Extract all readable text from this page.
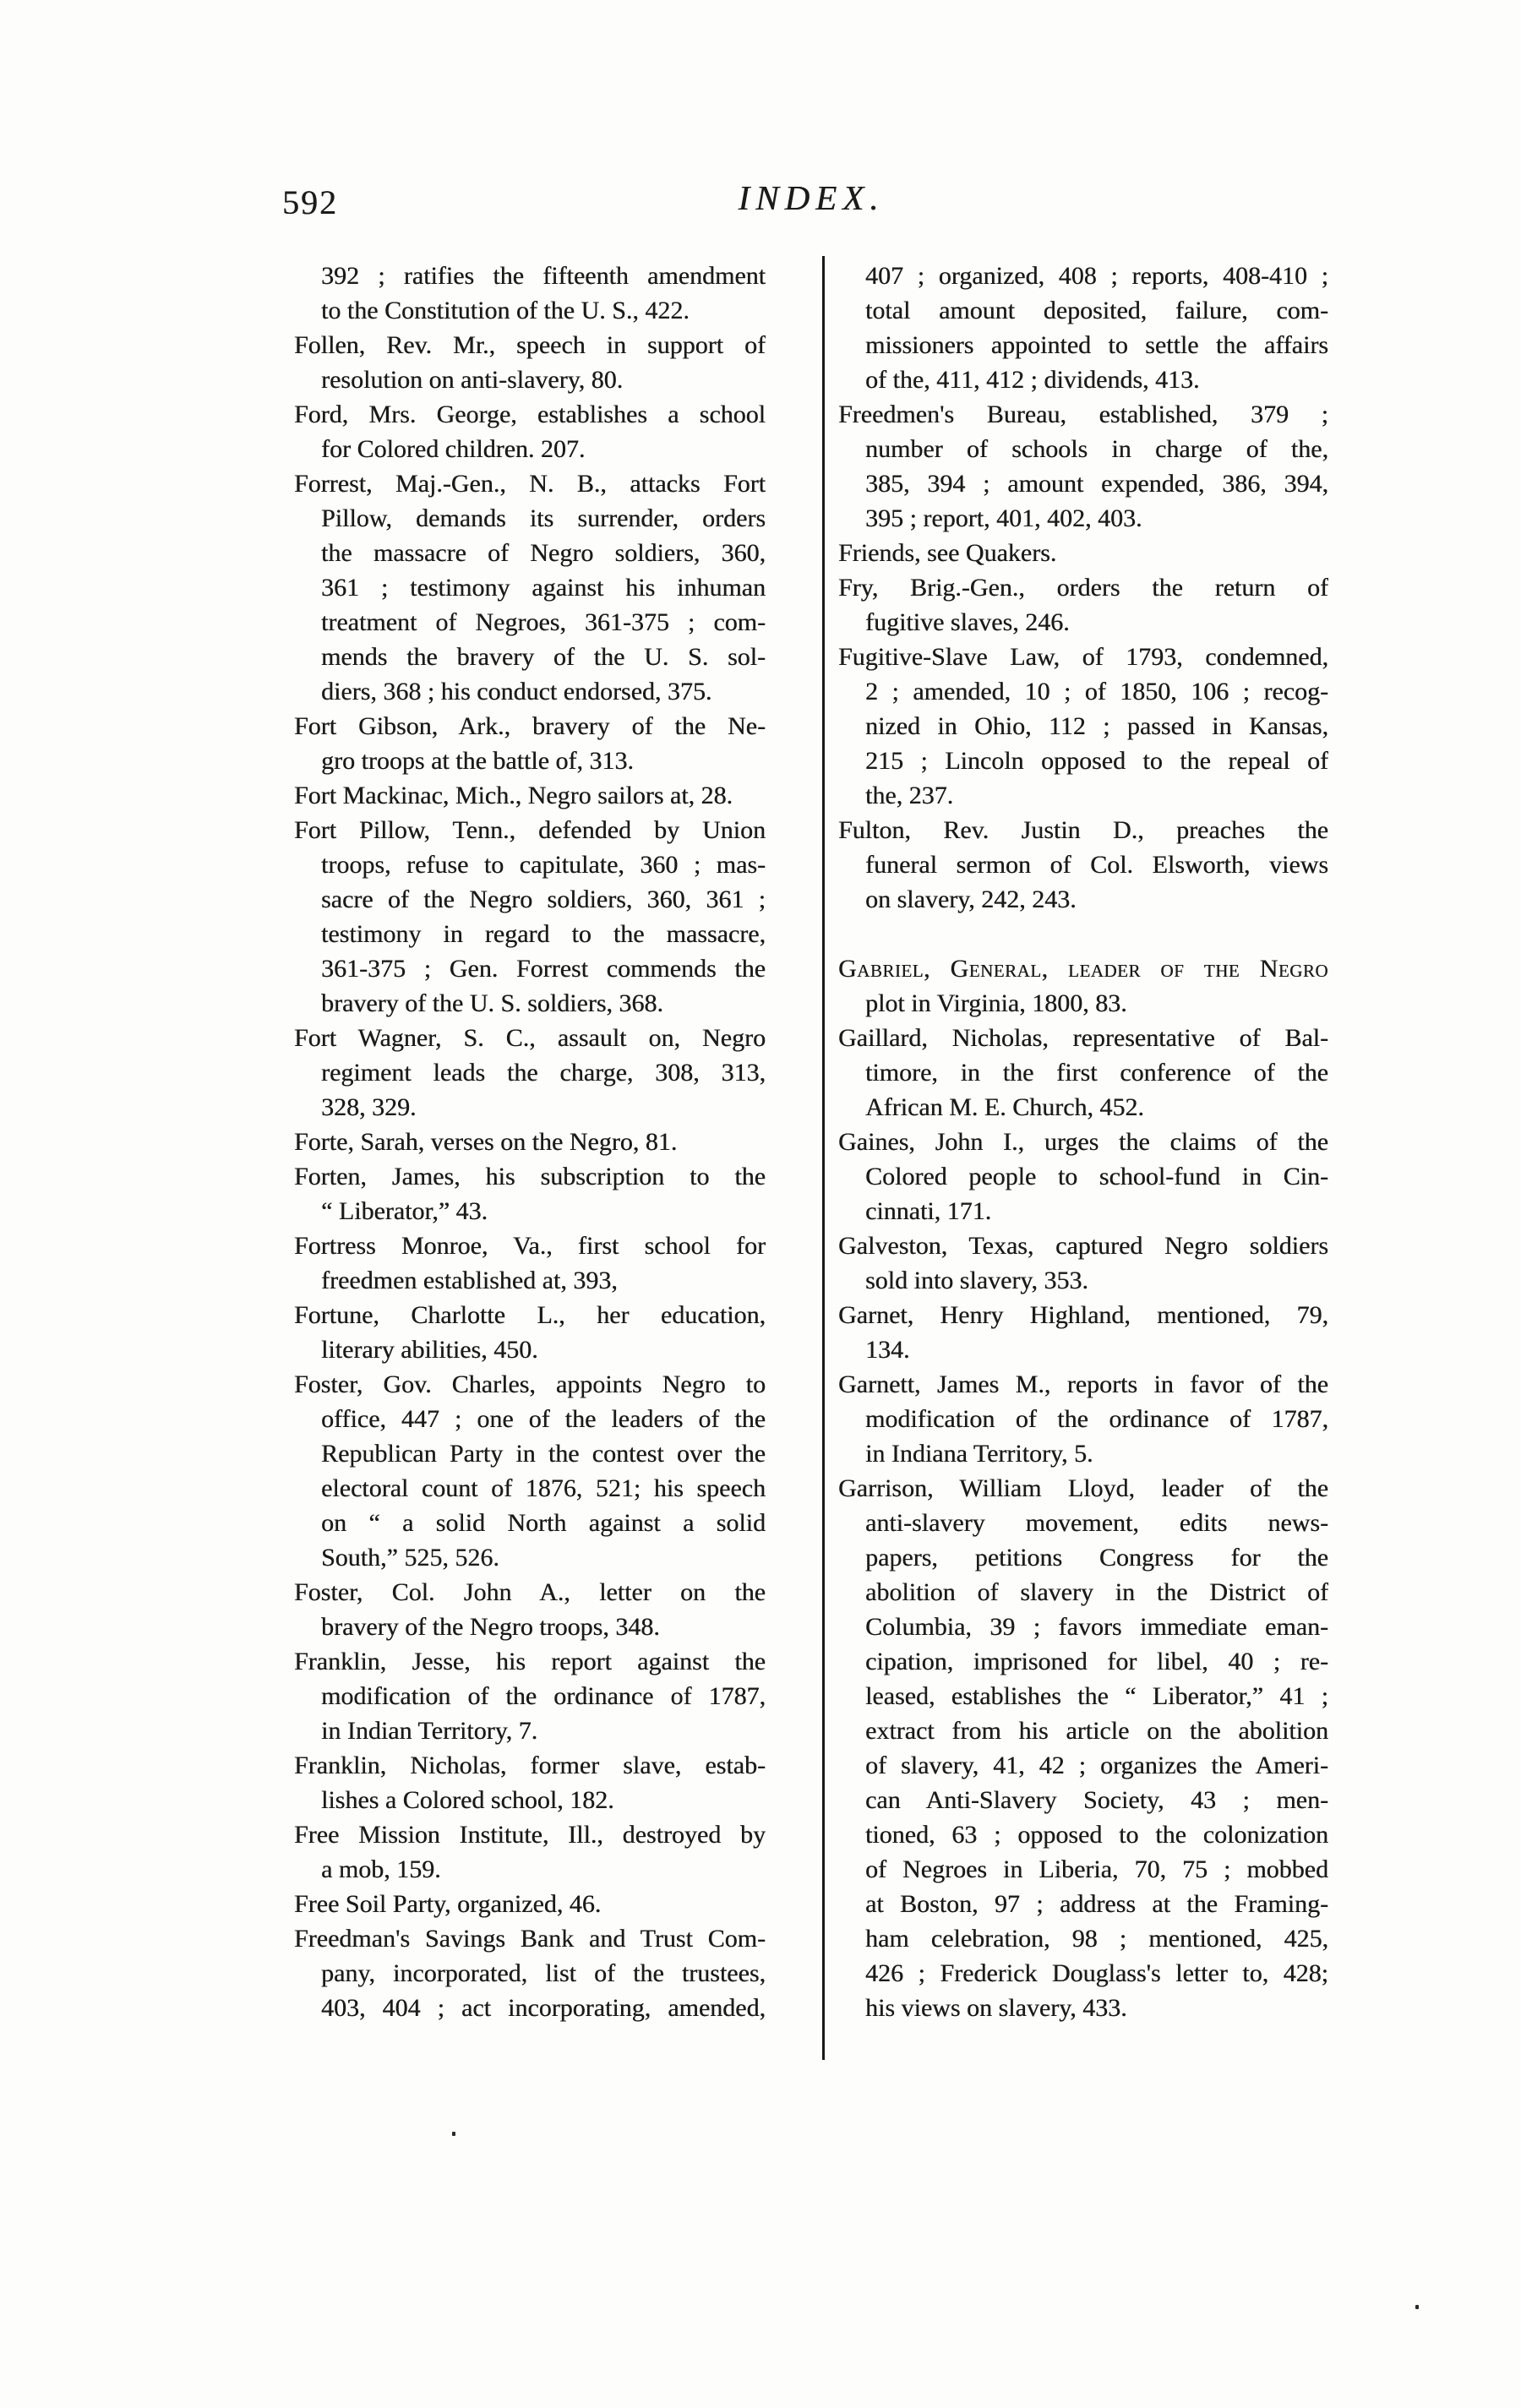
592	INDEX.
392 ; ratifies the fifteenth amendment
to the Constitution of the U. S., 422.
Follen, Rev. Mr., speech in support of
resolution on anti-slavery, 80.
Ford, Mrs. George, establishes a school
for Colored children. 207.
Forrest, Maj.-Gen., N. B., attacks Fort
Pillow, demands its surrender, orders
the massacre of Negro soldiers, 360,
361 ; testimony against his inhuman
treatment of Negroes, 361-375 ; com-
mends the bravery of the U. S. sol-
diers, 368 ; his conduct endorsed, 375.
Fort Gibson, Ark., bravery of the Ne-
gro troops at the battle of, 313.
Fort Mackinac, Mich., Negro sailors at, 28.
Fort Pillow, Tenn., defended by Union
troops, refuse to capitulate, 360 ; mas-
sacre of the Negro soldiers, 360, 361 ;
testimony in regard to the massacre,
361-375 ; Gen. Forrest commends the
bravery of the U. S. soldiers, 368.
Fort Wagner, S. C., assault on, Negro
regiment leads the charge, 308, 313,
328, 329.
Forte, Sarah, verses on the Negro, 81.
Forten, James, his subscription to the
“ Liberator,” 43.
Fortress Monroe, Va., first school for
freedmen established at, 393,
Fortune, Charlotte L., her education,
literary abilities, 450.
Foster, Gov. Charles, appoints Negro to
office, 447 ; one of the leaders of the
Republican Party in the contest over the
electoral count of 1876, 521; his speech
on “ a solid North against a solid
South,” 525, 526.
Foster, Col. John A., letter on the
bravery of the Negro troops, 348.
Franklin, Jesse, his report against the
modification of the ordinance of 1787,
in Indian Territory, 7.
Franklin, Nicholas, former slave, estab-
lishes a Colored school, 182.
Free Mission Institute, Ill., destroyed by
a mob, 159.
Free Soil Party, organized, 46.
Freedman's Savings Bank and Trust Com-
pany, incorporated, list of the trustees,
403, 404 ; act incorporating, amended,
407 ; organized, 408 ; reports, 408-410 ;
total amount deposited, failure, com-
missioners appointed to settle the affairs
of the, 411, 412 ; dividends, 413.
Freedmen's Bureau, established, 379 ;
number of schools in charge of the,
385, 394 ; amount expended, 386, 394,
395 ; report, 401, 402, 403.
Friends, see Quakers.
Fry, Brig.-Gen., orders the return of
fugitive slaves, 246.
Fugitive-Slave Law, of 1793, condemned,
2 ; amended, 10 ; of 1850, 106 ; recog-
nized in Ohio, 112 ; passed in Kansas,
215 ; Lincoln opposed to the repeal of
the, 237.
Fulton, Rev. Justin D., preaches the
funeral sermon of Col. Elsworth, views
on slavery, 242, 243.
Gabriel, General, leader of the Negro
plot in Virginia, 1800, 83.
Gaillard, Nicholas, representative of Bal-
timore, in the first conference of the
African M. E. Church, 452.
Gaines, John I., urges the claims of the
Colored people to school-fund in Cin-
cinnati, 171.
Galveston, Texas, captured Negro soldiers
sold into slavery, 353.
Garnet, Henry Highland, mentioned, 79,
134.
Garnett, James M., reports in favor of the
modification of the ordinance of 1787,
in Indiana Territory, 5.
Garrison, William Lloyd, leader of the
anti-slavery movement, edits news-
papers, petitions Congress for the
abolition of slavery in the District of
Columbia, 39 ; favors immediate eman-
cipation, imprisoned for libel, 40 ; re-
leased, establishes the “ Liberator,” 41 ;
extract from his article on the abolition
of slavery, 41, 42 ; organizes the Ameri-
can Anti-Slavery Society, 43 ; men-
tioned, 63 ; opposed to the colonization
of Negroes in Liberia, 70, 75 ; mobbed
at Boston, 97 ; address at the Framing-
ham celebration, 98 ; mentioned, 425,
426 ; Frederick Douglass's letter to, 428;
his views on slavery, 433.
